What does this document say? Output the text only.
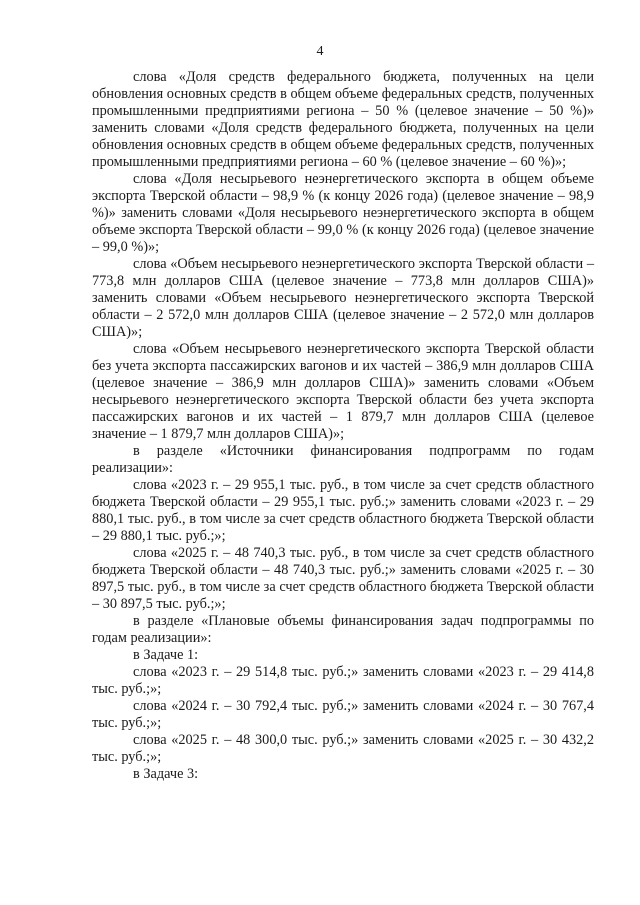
4

слова «Доля средств федерального бюджета, полученных на цели обновления основных средств в общем объеме федеральных средств, полученных промышленными предприятиями региона – 50 % (целевое значение – 50 %)» заменить словами «Доля средств федерального бюджета, полученных на цели обновления основных средств в общем объеме федеральных средств, полученных промышленными предприятиями региона – 60 % (целевое значение – 60 %)»;

слова «Доля несырьевого неэнергетического экспорта в общем объеме экспорта Тверской области – 98,9 % (к концу 2026 года) (целевое значение – 98,9 %)» заменить словами «Доля несырьевого неэнергетического экспорта в общем объеме экспорта Тверской области – 99,0 % (к концу 2026 года) (целевое значение – 99,0 %)»;

слова «Объем несырьевого неэнергетического экспорта Тверской области – 773,8 млн долларов США (целевое значение – 773,8 млн долларов США)» заменить словами «Объем несырьевого неэнергетического экспорта Тверской области – 2 572,0 млн долларов США (целевое значение – 2 572,0 млн долларов США)»;

слова «Объем несырьевого неэнергетического экспорта Тверской области без учета экспорта пассажирских вагонов и их частей – 386,9 млн долларов США (целевое значение – 386,9 млн долларов США)» заменить словами «Объем несырьевого неэнергетического экспорта Тверской области без учета экспорта пассажирских вагонов и их частей – 1 879,7 млн долларов США (целевое значение – 1 879,7 млн долларов США)»;

в разделе «Источники финансирования подпрограмм по годам реализации»:

слова «2023 г. – 29 955,1 тыс. руб., в том числе за счет средств областного бюджета Тверской области – 29 955,1 тыс. руб.;» заменить словами «2023 г. – 29 880,1 тыс. руб., в том числе за счет средств областного бюджета Тверской области – 29 880,1 тыс. руб.;»;

слова «2025 г. – 48 740,3 тыс. руб., в том числе за счет средств областного бюджета Тверской области – 48 740,3 тыс. руб.;» заменить словами «2025 г. – 30 897,5 тыс. руб., в том числе за счет средств областного бюджета Тверской области – 30 897,5 тыс. руб.;»;

в разделе «Плановые объемы финансирования задач подпрограммы по годам реализации»:

в Задаче 1:

слова «2023 г. – 29 514,8 тыс. руб.;» заменить словами «2023 г. – 29 414,8 тыс. руб.;»;

слова «2024 г. – 30 792,4 тыс. руб.;» заменить словами «2024 г. – 30 767,4 тыс. руб.;»;

слова «2025 г. – 48 300,0 тыс. руб.;» заменить словами «2025 г. – 30 432,2 тыс. руб.;»;

в Задаче 3:
